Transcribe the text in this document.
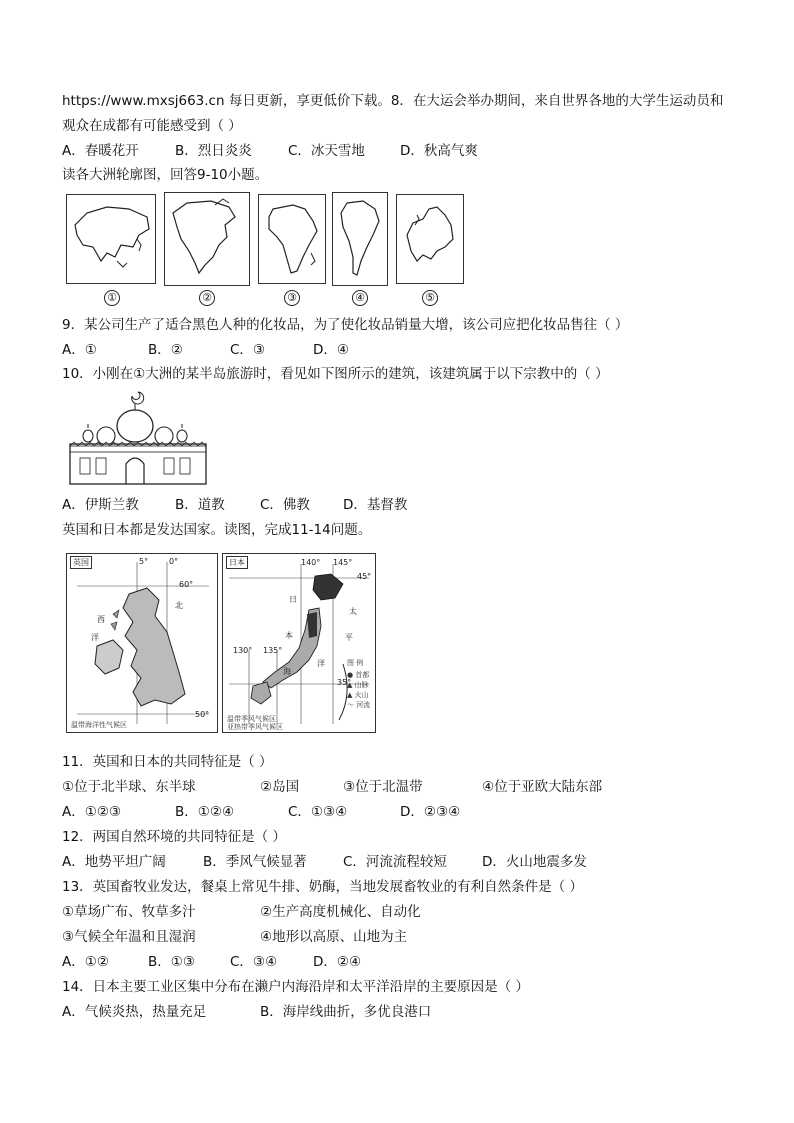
https://www.mxsj663.cn 每日更新，享更低价下载。8．在大运会举办期间，来自世界各地的大学生运动员和
观众在成都有可能感受到（ ）
A．春暖花开	B．烈日炎炎	C．冰天雪地	D．秋高气爽
读各大洲轮廓图，回答9-10小题。
①	②	③	④	⑤
9．某公司生产了适合黑色人种的化妆品，为了使化妆品销量大增，该公司应把化妆品售往（ ）
A．①	B．②	C．③	D．④
10．小刚在①大洲的某半岛旅游时，看见如下图所示的建筑，该建筑属于以下宗教中的（ ）
A．伊斯兰教	B．道教	C．佛教 D．基督教
英国和日本都是发达国家。读图，完成11-14问题。
英国	5°	0°
60°
北
西
洋
50°
温带海洋性气候区
日本	140° 145°
45°
日
太
本
海
平
130° 135°
35°
洋
温带季风气候区
亚热带季风气候区
图 例
● 首都
▲ 山脉
▲ 火山
～ 河流
11．英国和日本的共同特征是（ ）
①位于北半球、东半球	②岛国	③位于北温带	④位于亚欧大陆东部
A．①②③	B．①②④	C．①③④	D．②③④
12．两国自然环境的共同特征是（ ）
A．地势平坦广阔	B．季风气候显著	C．河流流程较短	D．火山地震多发
13．英国畜牧业发达，餐桌上常见牛排、奶酶，当地发展畜牧业的有利自然条件是（ ）
①草场广布、牧草多汁	②生产高度机械化、自动化
③气候全年温和且湿润	④地形以高原、山地为主
A．①②	B．①③	C．③④	D．②④
14．日本主要工业区集中分布在濑户内海沿岸和太平洋沿岸的主要原因是（ ）
A．气候炎热，热量充足	B．海岸线曲折，多优良港口
